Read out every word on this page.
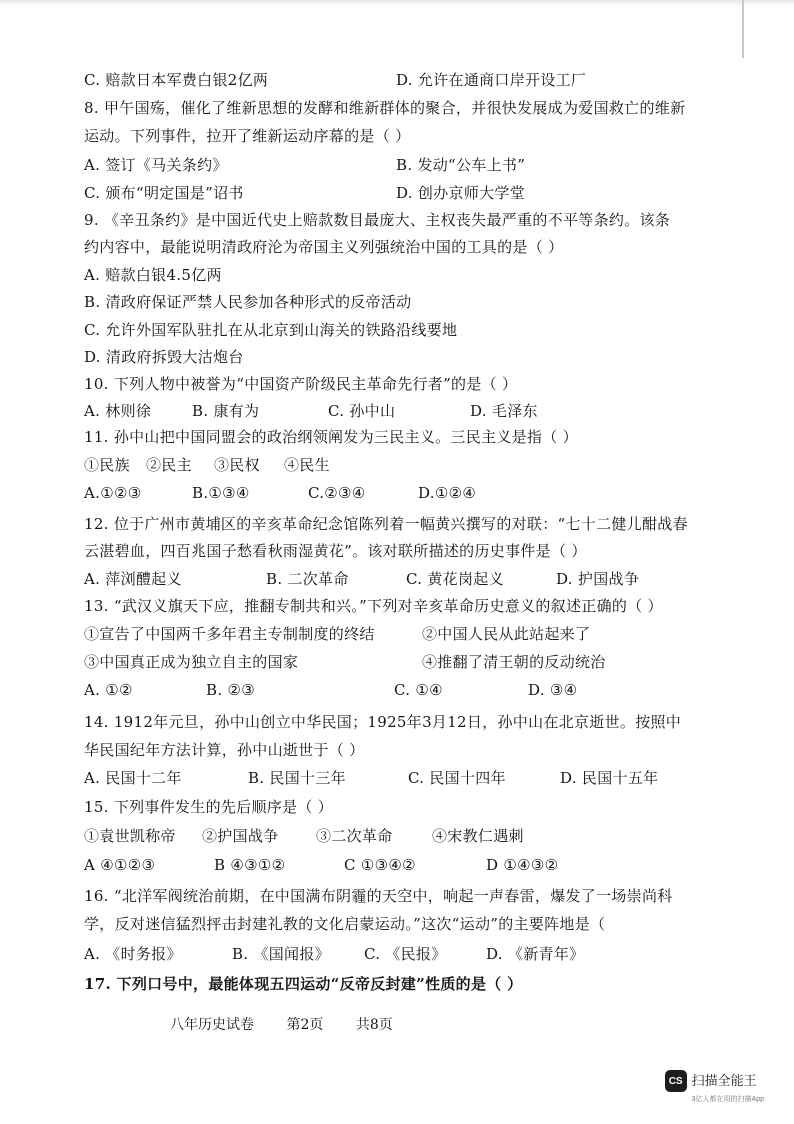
C. 赔款日本军费白银2亿两	D. 允许在通商口岸开设工厂
8. 甲午国殇，催化了维新思想的发酵和维新群体的聚合，并很快发展成为爱国救亡的维新
运动。下列事件，拉开了维新运动序幕的是（ ）
A. 签订《马关条约》	B. 发动“公车上书”
C. 颁布“明定国是”诏书	D. 创办京师大学堂
9. 《辛丑条约》是中国近代史上赔款数目最庞大、主权丧失最严重的不平等条约。该条
约内容中，最能说明清政府沦为帝国主义列强统治中国的工具的是（ ）
A. 赔款白银4.5亿两
B. 清政府保证严禁人民参加各种形式的反帝活动
C. 允许外国军队驻扎在从北京到山海关的铁路沿线要地
D. 清政府拆毁大沽炮台
10. 下列人物中被誉为“中国资产阶级民主革命先行者”的是（ ）
A. 林则徐	B. 康有为	C. 孙中山	D. 毛泽东
11. 孙中山把中国同盟会的政治纲领阐发为三民主义。三民主义是指（ ）
①民族 ②民主 ③民权 ④民生
A.①②③	B.①③④	C.②③④	D.①②④
12. 位于广州市黄埔区的辛亥革命纪念馆陈列着一幅黄兴撰写的对联：“七十二健儿酣战春
云湛碧血，四百兆国子愁看秋雨湿黄花”。该对联所描述的历史事件是（ ）
A. 萍浏醴起义	B. 二次革命	C. 黄花岗起义	D. 护国战争
13. “武汉义旗天下应，推翻专制共和兴。”下列对辛亥革命历史意义的叙述正确的（ ）
①宣告了中国两千多年君主专制制度的终结	②中国人民从此站起来了
③中国真正成为独立自主的国家	④推翻了清王朝的反动统治
A. ①②	B. ②③	C. ①④	D. ③④
14. 1912年元旦，孙中山创立中华民国；1925年3月12日，孙中山在北京逝世。按照中
华民国纪年方法计算，孙中山逝世于（ ）
A. 民国十二年	B. 民国十三年	C. 民国十四年	D. 民国十五年
15. 下列事件发生的先后顺序是（ ）
①袁世凯称帝 ②护国战争 ③二次革命	④宋教仁遇刺
A ④①②③	B ④③①②	C ①③④②	D ①④③②
16. “北洋军阀统治前期，在中国满布阴霾的天空中，响起一声春雷，爆发了一场崇尚科
学，反对迷信猛烈抨击封建礼教的文化启蒙运动。”这次“运动”的主要阵地是（
A. 《时务报》	B. 《国闻报》 C. 《民报》	D. 《新青年》
17. 下列口号中，最能体现五四运动“反帝反封建”性质的是（ ）
八年历史试卷 第2页 共8页
CS 扫描全能王
3亿人都在用的扫描App
